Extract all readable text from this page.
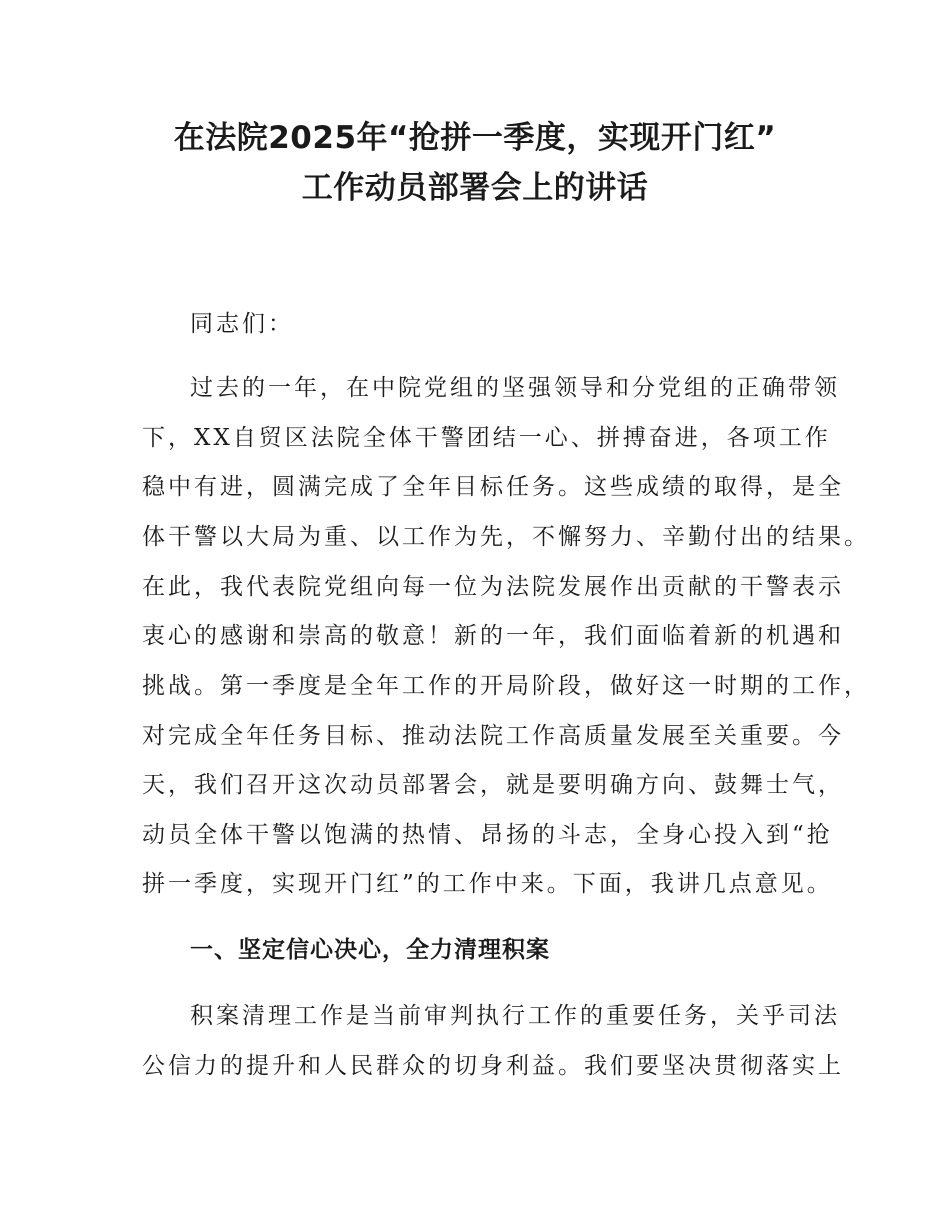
在法院2025年“抢拼一季度，实现开门红”
工作动员部署会上的讲话

同志们：

过去的一年，在中院党组的坚强领导和分党组的正确带领

下，XX自贸区法院全体干警团结一心、拼搏奋进，各项工作

稳中有进，圆满完成了全年目标任务。这些成绩的取得，是全

体干警以大局为重、以工作为先，不懈努力、辛勤付出的结果。

在此，我代表院党组向每一位为法院发展作出贡献的干警表示

衷心的感谢和崇高的敬意！新的一年，我们面临着新的机遇和

挑战。第一季度是全年工作的开局阶段，做好这一时期的工作，

对完成全年任务目标、推动法院工作高质量发展至关重要。今

天，我们召开这次动员部署会，就是要明确方向、鼓舞士气，

动员全体干警以饱满的热情、昂扬的斗志，全身心投入到“抢

拼一季度，实现开门红”的工作中来。下面，我讲几点意见。

一、坚定信心决心，全力清理积案

积案清理工作是当前审判执行工作的重要任务，关乎司法

公信力的提升和人民群众的切身利益。我们要坚决贯彻落实上
